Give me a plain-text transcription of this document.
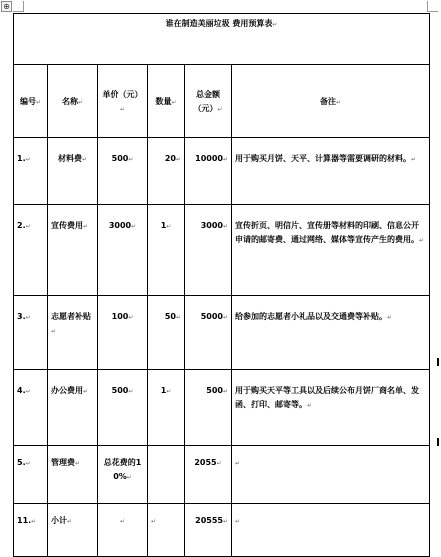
⊕
谁在制造美丽垃圾 费用预算表↵					
编号↵	名称↵	单价（元）↵	数量↵	总金额（元）↵	备注↵
1.↵	材料费↵	500↵	20↵	10000↵	用于购买月饼、天平、计算器等需要调研的材料。↵
2.↵	宣传费用↵	3000↵	1↵	3000↵	宣传折页、明信片、宣传册等材料的印刷、信息公开申请的邮寄费、通过网络、媒体等宣传产生的费用。↵
3.↵	志愿者补贴↵	100↵	50↵	5000↵	给参加的志愿者小礼品以及交通费等补贴。↵
4.↵	办公费用↵	500↵	1↵	500↵	用于购买天平等工具以及后续公布月饼厂商名单、发函、打印、邮寄等。↵
5.↵	管理费↵	总花费的10%↵		2055↵	↵
11.↵	小计↵	↵	↵	20555↵	↵
